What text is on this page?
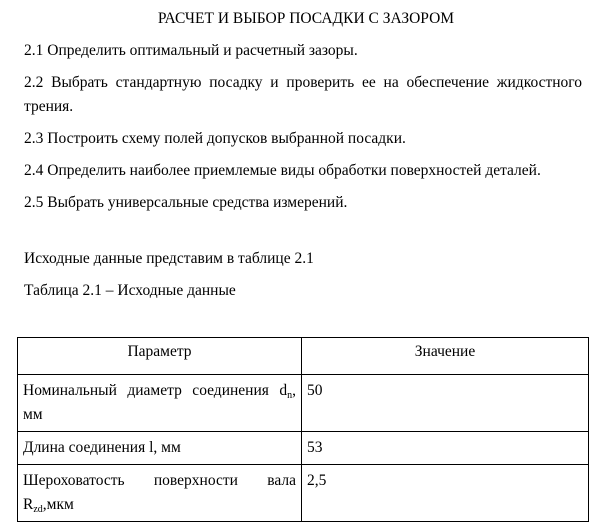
РАСЧЕТ И ВЫБОР ПОСАДКИ С ЗАЗОРОМ
2.1 Определить оптимальный и расчетный зазоры.
2.2 Выбрать стандартную посадку и проверить ее на обеспечение жидкостного трения.
2.3 Построить схему полей допусков выбранной посадки.
2.4 Определить наиболее приемлемые виды обработки поверхностей деталей.
2.5 Выбрать универсальные средства измерений.
Исходные данные представим в таблице 2.1
Таблица 2.1 – Исходные данные
Параметр	Значение
Номинальный диаметр соединения $d_n$, мм	50
Длина соединения l, мм	53
Шероховатость поверхности вала $R_{zd},мкм$	2,5
